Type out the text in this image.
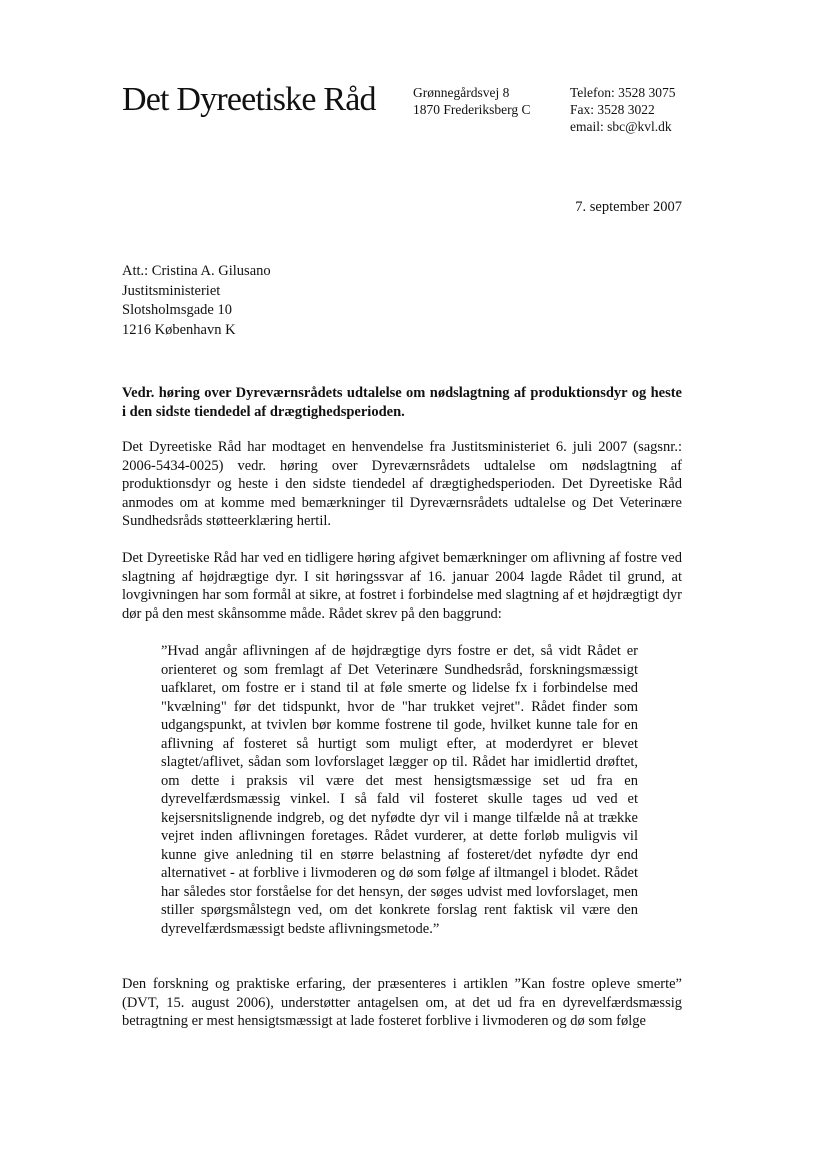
Det Dyreetiske Råd	Grønnegårdsvej 8
1870 Frederiksberg C
Telefon: 3528 3075
Fax: 3528 3022
email: sbc@kvl.dk
7. september 2007
Att.: Cristina A. Gilusano
Justitsministeriet
Slotsholmsgade 10
1216 København K
Vedr. høring over Dyreværnsrådets udtalelse om nødslagtning af produktionsdyr og heste i den sidste tiendedel af drægtighedsperioden.
Det Dyreetiske Råd har modtaget en henvendelse fra Justitsministeriet 6. juli 2007 (sagsnr.: 2006-5434-0025) vedr. høring over Dyreværnsrådets udtalelse om nødslagtning af produktionsdyr og heste i den sidste tiendedel af drægtighedsperioden. Det Dyreetiske Råd anmodes om at komme med bemærkninger til Dyreværnsrådets udtalelse og Det Veterinære Sundhedsråds støtteerklæring hertil.
Det Dyreetiske Råd har ved en tidligere høring afgivet bemærkninger om aflivning af fostre ved slagtning af højdrægtige dyr. I sit høringssvar af 16. januar 2004 lagde Rådet til grund, at lovgivningen har som formål at sikre, at fostret i forbindelse med slagtning af et højdrægtigt dyr dør på den mest skånsomme måde. Rådet skrev på den baggrund:
”Hvad angår aflivningen af de højdrægtige dyrs fostre er det, så vidt Rådet er orienteret og som fremlagt af Det Veterinære Sundhedsråd, forskningsmæssigt uafklaret, om fostre er i stand til at føle smerte og lidelse fx i forbindelse med "kvælning" før det tidspunkt, hvor de "har trukket vejret". Rådet finder som udgangspunkt, at tvivlen bør komme fostrene til gode, hvilket kunne tale for en aflivning af fosteret så hurtigt som muligt efter, at moderdyret er blevet slagtet/aflivet, sådan som lovforslaget lægger op til. Rådet har imidlertid drøftet, om dette i praksis vil være det mest hensigtsmæssige set ud fra en dyrevelfærdsmæssig vinkel. I så fald vil fosteret skulle tages ud ved et kejsersnitslignende indgreb, og det nyfødte dyr vil i mange tilfælde nå at trække vejret inden aflivningen foretages. Rådet vurderer, at dette forløb muligvis vil kunne give anledning til en større belastning af fosteret/det nyfødte dyr end alternativet - at forblive i livmoderen og dø som følge af iltmangel i blodet. Rådet har således stor forståelse for det hensyn, der søges udvist med lovforslaget, men stiller spørgsmålstegn ved, om det konkrete forslag rent faktisk vil være den dyrevelfærdsmæssigt bedste aflivningsmetode.”
Den forskning og praktiske erfaring, der præsenteres i artiklen ”Kan fostre opleve smerte” (DVT, 15. august 2006), understøtter antagelsen om, at det ud fra en dyrevelfærdsmæssig betragtning er mest hensigtsmæssigt at lade fosteret forblive i livmoderen og dø som følge
